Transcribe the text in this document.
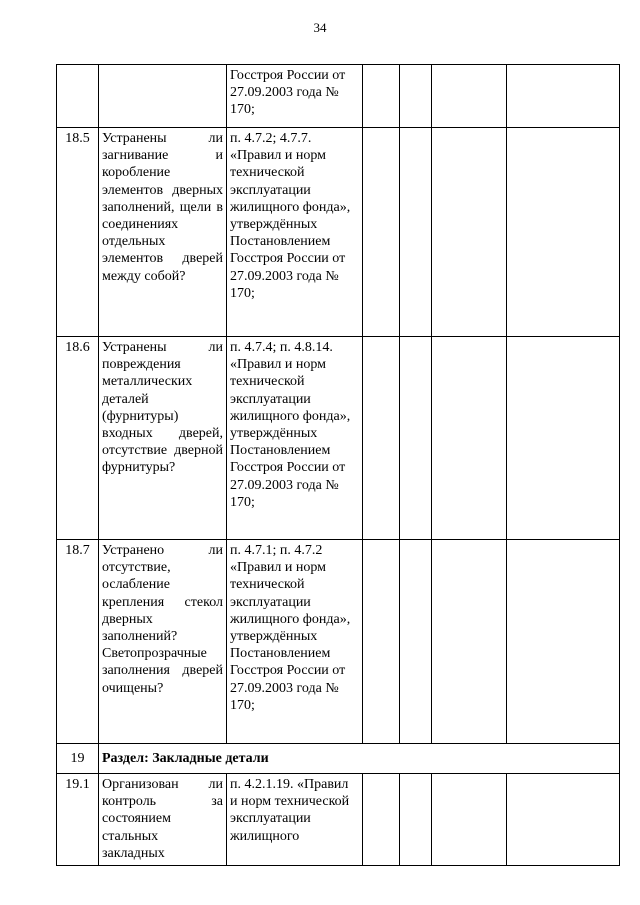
34
		Госстроя России от 27.09.2003 года № 170;				
18.5	Устранены ли загнивание и коробление элементов дверных заполнений, щели в соединениях отдельных элементов дверей между собой?	п. 4.7.2; 4.7.7. «Правил и норм технической эксплуатации жилищного фонда», утверждённых Постановлением Госстроя России от 27.09.2003 года № 170;				
18.6	Устранены ли повреждения металлических деталей (фурнитуры) входных дверей, отсутствие дверной фурнитуры?	п. 4.7.4; п. 4.8.14. «Правил и норм технической эксплуатации жилищного фонда», утверждённых Постановлением Госстроя России от 27.09.2003 года № 170;				
18.7	Устранено ли отсутствие, ослабление крепления стекол дверных заполнений? Светопрозрачные заполнения дверей очищены?	п. 4.7.1; п. 4.7.2 «Правил и норм технической эксплуатации жилищного фонда», утверждённых Постановлением Госстроя России от 27.09.2003 года № 170;				
19	Раздел: Закладные детали					
19.1	Организован ли контроль за состоянием стальных закладных	п. 4.2.1.19. «Правил и норм технической эксплуатации жилищного				
